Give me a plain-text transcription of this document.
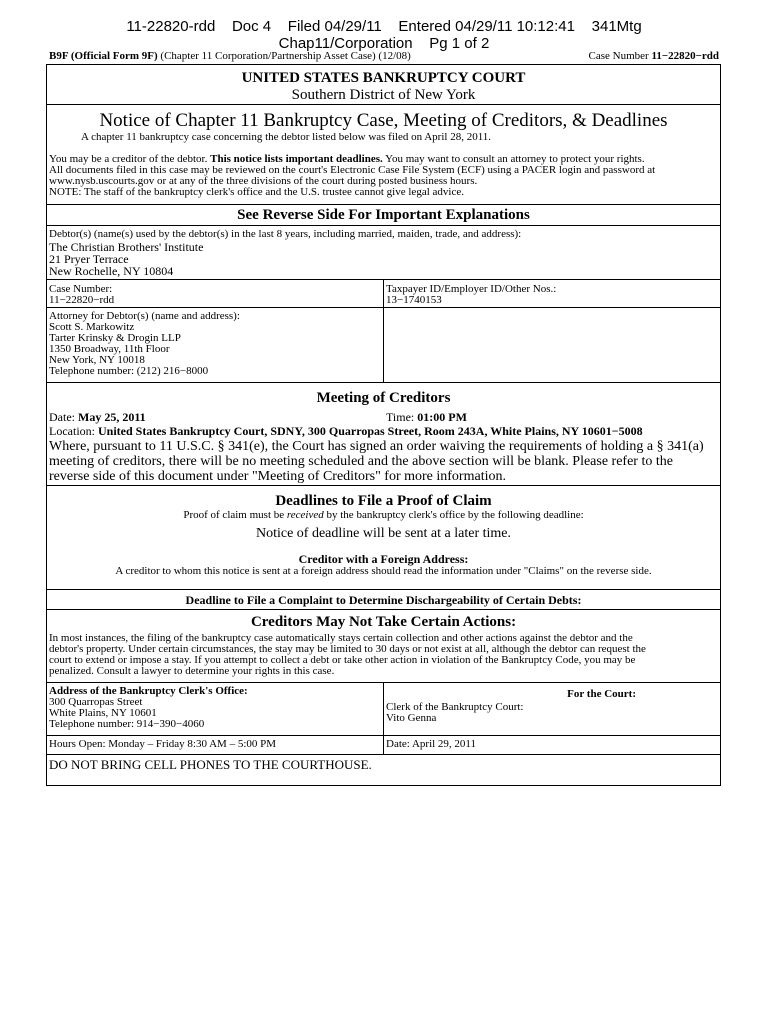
11-22820-rdd    Doc 4    Filed 04/29/11    Entered 04/29/11 10:12:41    341Mtg
Chap11/Corporation    Pg 1 of 2
B9F (Official Form 9F) (Chapter 11 Corporation/Partnership Asset Case) (12/08)	Case Number 11−22820−rdd
UNITED STATES BANKRUPTCY COURT
Southern District of New York
Notice of Chapter 11 Bankruptcy Case, Meeting of Creditors, & Deadlines
A chapter 11 bankruptcy case concerning the debtor listed below was filed on April 28, 2011.
You may be a creditor of the debtor. This notice lists important deadlines. You may want to consult an attorney to protect your rights.
All documents filed in this case may be reviewed on the court's Electronic Case File System (ECF) using a PACER login and password at
www.nysb.uscourts.gov or at any of the three divisions of the court during posted business hours.
NOTE: The staff of the bankruptcy clerk's office and the U.S. trustee cannot give legal advice.
See Reverse Side For Important Explanations
Debtor(s) (name(s) used by the debtor(s) in the last 8 years, including married, maiden, trade, and address):
The Christian Brothers' Institute
21 Pryer Terrace
New Rochelle, NY 10804
Case Number:
11−22820−rdd
Taxpayer ID/Employer ID/Other Nos.:
13−1740153
Attorney for Debtor(s) (name and address):
Scott S. Markowitz
Tarter Krinsky & Drogin LLP
1350 Broadway, 11th Floor
New York, NY 10018
Telephone number: (212) 216−8000
Meeting of Creditors
Date: May 25, 2011	Time: 01:00 PM
Location: United States Bankruptcy Court, SDNY, 300 Quarropas Street, Room 243A, White Plains, NY 10601−5008
Where, pursuant to 11 U.S.C. § 341(e), the Court has signed an order waiving the requirements of holding a § 341(a)
meeting of creditors, there will be no meeting scheduled and the above section will be blank. Please refer to the
reverse side of this document under "Meeting of Creditors" for more information.
Deadlines to File a Proof of Claim
Proof of claim must be received by the bankruptcy clerk's office by the following deadline:
Notice of deadline will be sent at a later time.
Creditor with a Foreign Address:
A creditor to whom this notice is sent at a foreign address should read the information under "Claims" on the reverse side.
Deadline to File a Complaint to Determine Dischargeability of Certain Debts:
Creditors May Not Take Certain Actions:
In most instances, the filing of the bankruptcy case automatically stays certain collection and other actions against the debtor and the
debtor's property. Under certain circumstances, the stay may be limited to 30 days or not exist at all, although the debtor can request the
court to extend or impose a stay. If you attempt to collect a debt or take other action in violation of the Bankruptcy Code, you may be
penalized. Consult a lawyer to determine your rights in this case.
Address of the Bankruptcy Clerk's Office:
300 Quarropas Street
White Plains, NY 10601
Telephone number: 914−390−4060
For the Court:
Clerk of the Bankruptcy Court:
Vito Genna
Hours Open: Monday – Friday 8:30 AM – 5:00 PM	Date: April 29, 2011
DO NOT BRING CELL PHONES TO THE COURTHOUSE.
